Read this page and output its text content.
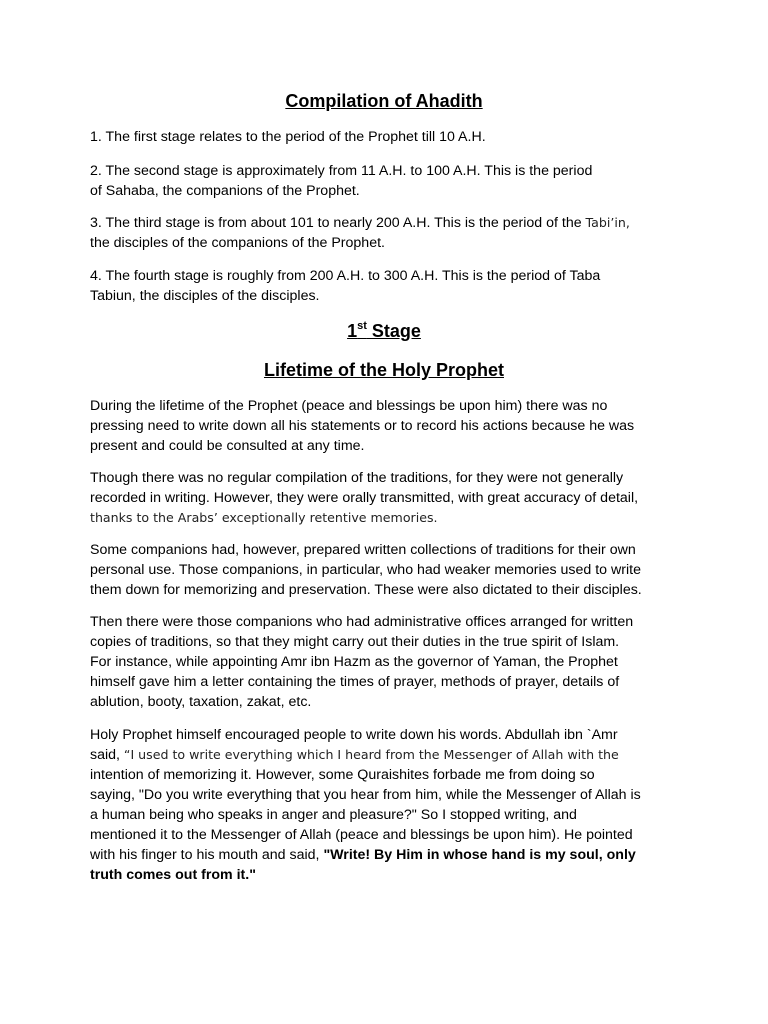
Compilation of Ahadith
1. The first stage relates to the period of the Prophet till 10 A.H.
2. The second stage is approximately from 11 A.H. to 100 A.H. This is the period
of Sahaba, the companions of the Prophet.
3. The third stage is from about 101 to nearly 200 A.H. This is the period of the Tabi’in,
the disciples of the companions of the Prophet.
4. The fourth stage is roughly from 200 A.H. to 300 A.H. This is the period of Taba
Tabiun, the disciples of the disciples.
1st Stage
Lifetime of the Holy Prophet
During the lifetime of the Prophet (peace and blessings be upon him) there was no
pressing need to write down all his statements or to record his actions because he was
present and could be consulted at any time.
Though there was no regular compilation of the traditions, for they were not generally
recorded in writing. However, they were orally transmitted, with great accuracy of detail,
thanks to the Arabs’ exceptionally retentive memories.
Some companions had, however, prepared written collections of traditions for their own
personal use. Those companions, in particular, who had weaker memories used to write
them down for memorizing and preservation. These were also dictated to their disciples.
Then there were those companions who had administrative offices arranged for written
copies of traditions, so that they might carry out their duties in the true spirit of Islam.
For instance, while appointing Amr ibn Hazm as the governor of Yaman, the Prophet
himself gave him a letter containing the times of prayer, methods of prayer, details of
ablution, booty, taxation, zakat, etc.
Holy Prophet himself encouraged people to write down his words. Abdullah ibn `Amr
said, “I used to write everything which I heard from the Messenger of Allah with the
intention of memorizing it. However, some Quraishites forbade me from doing so
saying, "Do you write everything that you hear from him, while the Messenger of Allah is
a human being who speaks in anger and pleasure?" So I stopped writing, and
mentioned it to the Messenger of Allah (peace and blessings be upon him). He pointed
with his finger to his mouth and said, "Write! By Him in whose hand is my soul, only
truth comes out from it."
